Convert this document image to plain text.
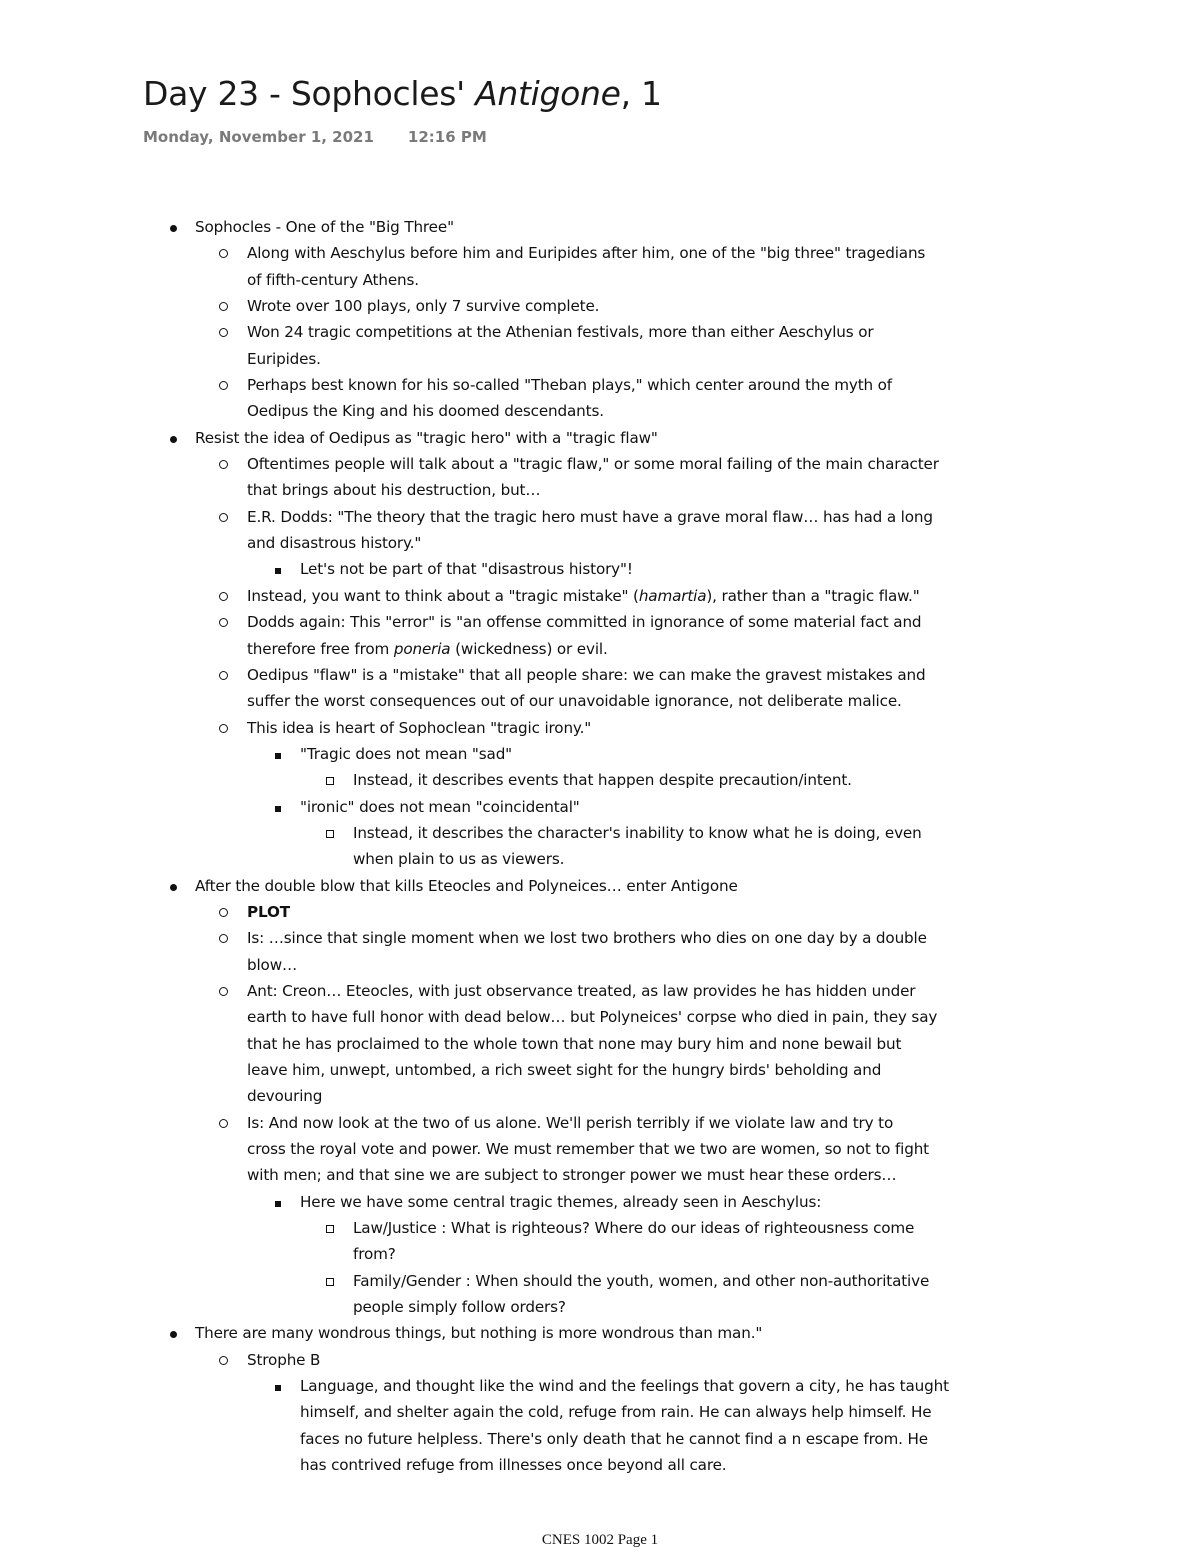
Day 23 - Sophocles' Antigone, 1
Monday, November 1, 2021 12:16 PM
Sophocles - One of the "Big Three"
Along with Aeschylus before him and Euripides after him, one of the "big three" tragedians
of fifth-century Athens.
Wrote over 100 plays, only 7 survive complete.
Won 24 tragic competitions at the Athenian festivals, more than either Aeschylus or
Euripides.
Perhaps best known for his so-called "Theban plays," which center around the myth of
Oedipus the King and his doomed descendants.
Resist the idea of Oedipus as "tragic hero" with a "tragic flaw"
Oftentimes people will talk about a "tragic flaw," or some moral failing of the main character
that brings about his destruction, but…
E.R. Dodds: "The theory that the tragic hero must have a grave moral flaw… has had a long
and disastrous history."
Let's not be part of that "disastrous history"!
Instead, you want to think about a "tragic mistake" (hamartia), rather than a "tragic flaw."
Dodds again: This "error" is "an offense committed in ignorance of some material fact and
therefore free from poneria (wickedness) or evil.
Oedipus "flaw" is a "mistake" that all people share: we can make the gravest mistakes and
suffer the worst consequences out of our unavoidable ignorance, not deliberate malice.
This idea is heart of Sophoclean "tragic irony."
"Tragic does not mean "sad"
Instead, it describes events that happen despite precaution/intent.
"ironic" does not mean "coincidental"
Instead, it describes the character's inability to know what he is doing, even
when plain to us as viewers.
After the double blow that kills Eteocles and Polyneices… enter Antigone
PLOT
Is: …since that single moment when we lost two brothers who dies on one day by a double
blow…
Ant: Creon… Eteocles, with just observance treated, as law provides he has hidden under
earth to have full honor with dead below… but Polyneices' corpse who died in pain, they say
that he has proclaimed to the whole town that none may bury him and none bewail but
leave him, unwept, untombed, a rich sweet sight for the hungry birds' beholding and
devouring
Is: And now look at the two of us alone. We'll perish terribly if we violate law and try to
cross the royal vote and power. We must remember that we two are women, so not to fight
with men; and that sine we are subject to stronger power we must hear these orders…
Here we have some central tragic themes, already seen in Aeschylus:
Law/Justice : What is righteous? Where do our ideas of righteousness come
from?
Family/Gender : When should the youth, women, and other non-authoritative
people simply follow orders?
There are many wondrous things, but nothing is more wondrous than man."
Strophe B
Language, and thought like the wind and the feelings that govern a city, he has taught
himself, and shelter again the cold, refuge from rain. He can always help himself. He
faces no future helpless. There's only death that he cannot find a n escape from. He
has contrived refuge from illnesses once beyond all care.
CNES 1002 Page 1
